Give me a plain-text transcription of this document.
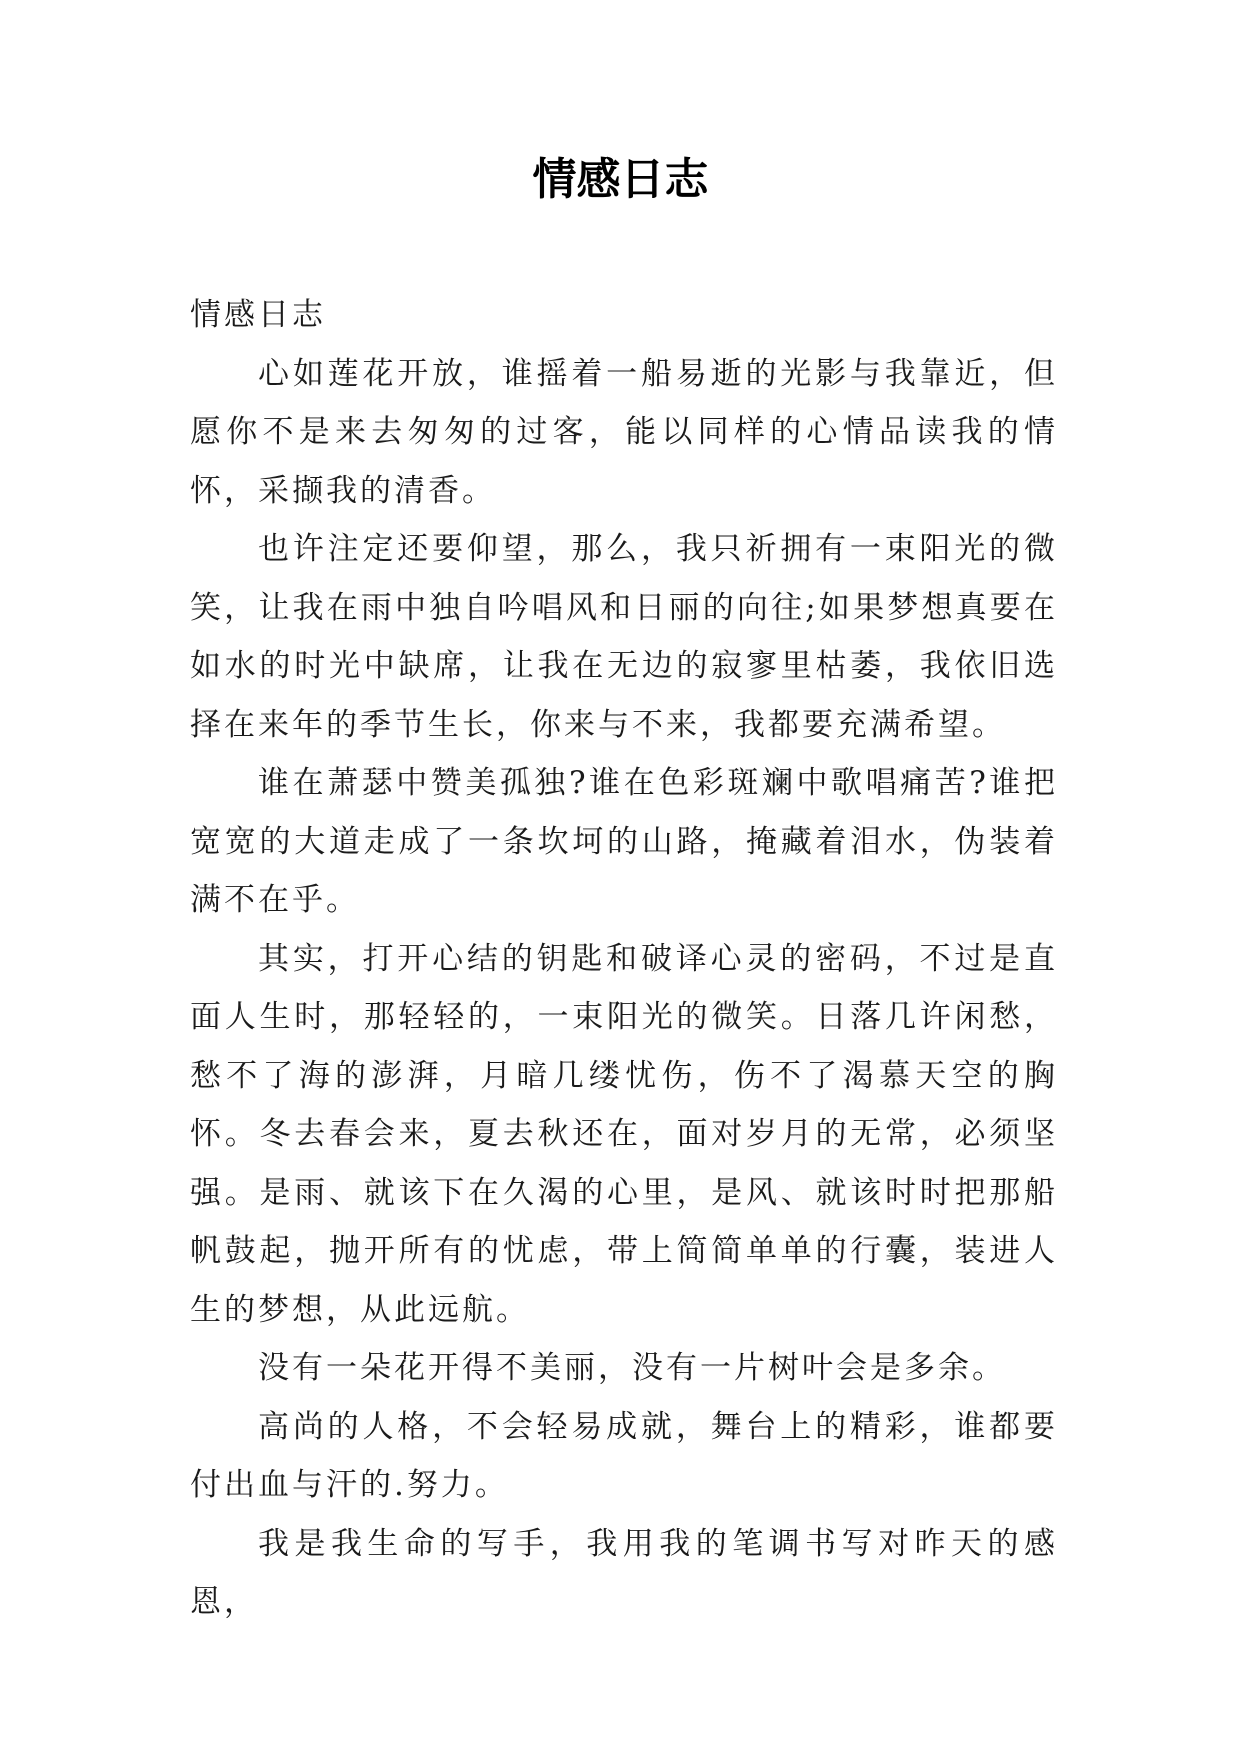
情感日志

情感日志

心如莲花开放，谁摇着一船易逝的光影与我靠近，但愿你不是来去匆匆的过客，能以同样的心情品读我的情怀，采撷我的清香。

也许注定还要仰望，那么，我只祈拥有一束阳光的微笑，让我在雨中独自吟唱风和日丽的向往;如果梦想真要在如水的时光中缺席，让我在无边的寂寥里枯萎，我依旧选择在来年的季节生长，你来与不来，我都要充满希望。

谁在萧瑟中赞美孤独?谁在色彩斑斓中歌唱痛苦?谁把宽宽的大道走成了一条坎坷的山路，掩藏着泪水，伪装着满不在乎。

其实，打开心结的钥匙和破译心灵的密码，不过是直面人生时，那轻轻的，一束阳光的微笑。日落几许闲愁，愁不了海的澎湃，月暗几缕忧伤，伤不了渴慕天空的胸怀。冬去春会来，夏去秋还在，面对岁月的无常，必须坚强。是雨、就该下在久渴的心里，是风、就该时时把那船帆鼓起，抛开所有的忧虑，带上简简单单的行囊，装进人生的梦想，从此远航。

没有一朵花开得不美丽，没有一片树叶会是多余。

高尚的人格，不会轻易成就，舞台上的精彩，谁都要付出血与汗的.努力。

我是我生命的写手，我用我的笔调书写对昨天的感恩，
